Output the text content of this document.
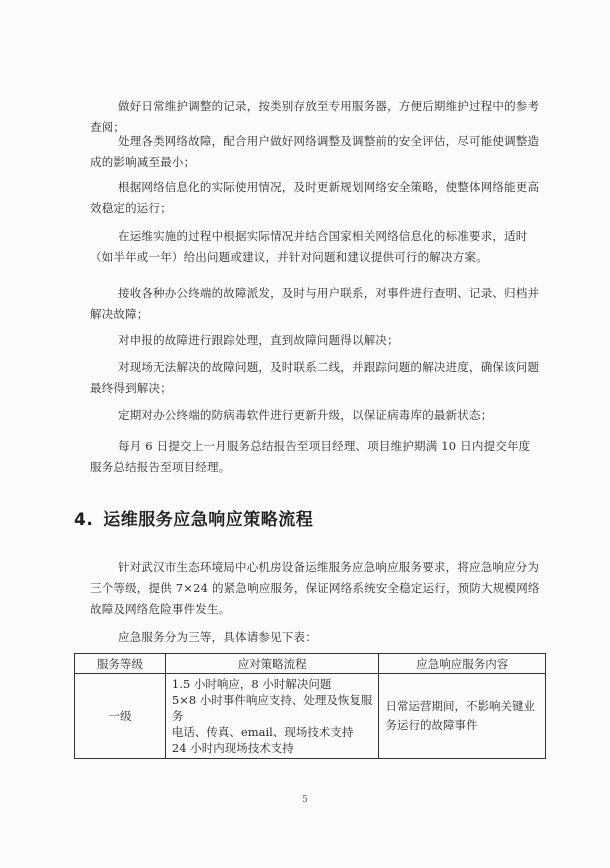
做好日常维护调整的记录，按类别存放至专用服务器，方便后期维护过程中的参考查阅；
处理各类网络故障，配合用户做好网络调整及调整前的安全评估，尽可能使调整造成的影响减至最小；
根据网络信息化的实际使用情况，及时更新规划网络安全策略，使整体网络能更高效稳定的运行；
在运维实施的过程中根据实际情况并结合国家相关网络信息化的标准要求，适时（如半年或一年）给出问题或建议，并针对问题和建议提供可行的解决方案。
接收各种办公终端的故障派发，及时与用户联系，对事件进行查明、记录、归档并解决故障；
对申报的故障进行跟踪处理，直到故障问题得以解决；
对现场无法解决的故障问题，及时联系二线，并跟踪问题的解决进度，确保该问题最终得到解决；
定期对办公终端的防病毒软件进行更新升级，以保证病毒库的最新状态；
每月 6 日提交上一月服务总结报告至项目经理、项目维护期满 10 日内提交年度服务总结报告至项目经理。
4. 运维服务应急响应策略流程
针对武汉市生态环境局中心机房设备运维服务应急响应服务要求，将应急响应分为三个等级，提供 7×24 的紧急响应服务，保证网络系统安全稳定运行，预防大规模网络故障及网络危险事件发生。
应急服务分为三等，具体请参见下表：
服务等级	应对策略流程	应急响应服务内容
一级	1.5 小时响应，8 小时解决问题
5×8 小时事件响应支持、处理及恢复服务
电话、传真、email、现场技术支持
24 小时内现场技术支持	日常运营期间，不影响关键业务运行的故障事件
5
